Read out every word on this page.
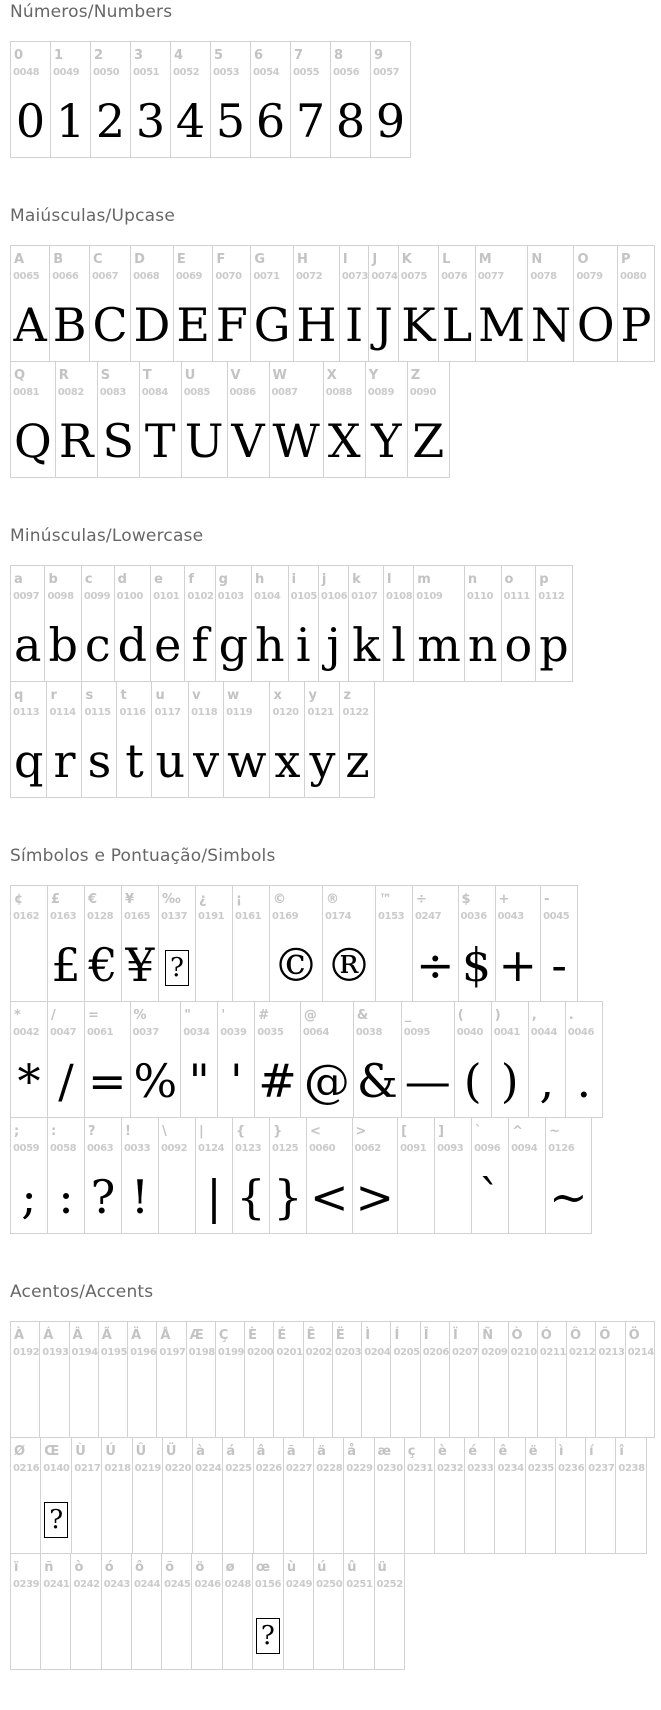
Números/Numbers
0
0048
0
1
0049
1
2
0050
2
3
0051
3
4
0052
4
5
0053
5
6
0054
6
7
0055
7
8
0056
8
9
0057
9
Maiúsculas/Upcase
A
0065
A
B
0066
B
C
0067
C
D
0068
D
E
0069
E
F
0070
F
G
0071
G
H
0072
H
I
0073
I
J
0074
J
K
0075
K
L
0076
L
M
0077
M
N
0078
N
O
0079
O
P
0080
P
Q
0081
Q
R
0082
R
S
0083
S
T
0084
T
U
0085
U
V
0086
V
W
0087
W
X
0088
X
Y
0089
Y
Z
0090
Z
Minúsculas/Lowercase
a
0097
a
b
0098
b
c
0099
c
d
0100
d
e
0101
e
f
0102
f
g
0103
g
h
0104
h
i
0105
i
j
0106
j
k
0107
k
l
0108
l
m
0109
m
n
0110
n
o
0111
o
p
0112
p
q
0113
q
r
0114
r
s
0115
s
t
0116
t
u
0117
u
v
0118
v
w
0119
w
x
0120
x
y
0121
y
z
0122
z
Símbolos e Pontuação/Simbols
¢
0162
£
0163
£
€
0128
€
¥
0165
¥
‰
0137
?
¿
0191
¡
0161
©
0169
©
®
0174
®
™
0153
÷
0247
÷
$
0036
$
+
0043
+
-
0045
-
*
0042
*
/
0047
/
=
0061
=
%
0037
%
"
0034
"
'
0039
'
#
0035
#
@
0064
@
&
0038
&
_
0095
—
(
0040
(
)
0041
)
,
0044
,
.
0046
.
;
0059
;
:
0058
:
?
0063
?
!
0033
!
\
0092
|
0124
|
{
0123
{
}
0125
}
<
0060
<
>
0062
>
[
0091
]
0093
`
0096
`
^
0094
~
0126
~
Acentos/Accents
À
0192
Á
0193
Â
0194
Ã
0195
Ä
0196
Å
0197
Æ
0198
Ç
0199
È
0200
É
0201
Ê
0202
Ë
0203
Ì
0204
Í
0205
Î
0206
Ï
0207
Ñ
0209
Ò
0210
Ó
0211
Ô
0212
Õ
0213
Ö
0214
Ø
0216
Œ
0140
?
Ù
0217
Ú
0218
Û
0219
Ü
0220
à
0224
á
0225
â
0226
ã
0227
ä
0228
å
0229
æ
0230
ç
0231
è
0232
é
0233
ê
0234
ë
0235
ì
0236
í
0237
î
0238
ï
0239
ñ
0241
ò
0242
ó
0243
ô
0244
õ
0245
ö
0246
ø
0248
œ
0156
?
ù
0249
ú
0250
û
0251
ü
0252
